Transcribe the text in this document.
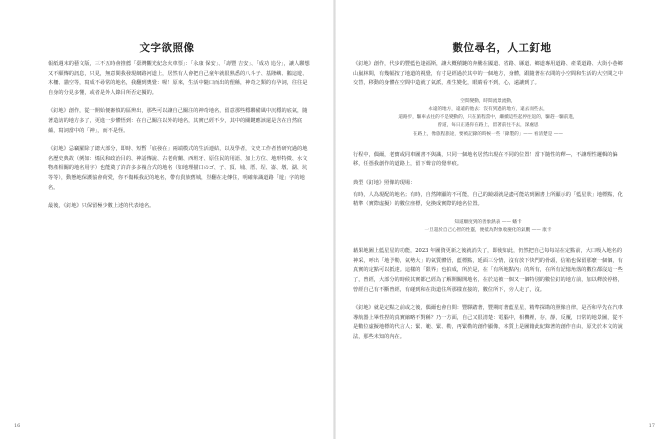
文字欲照像

報紙週末的藝文版，三不五時會推薦「臺灣觀光紀念火車票」：「永康 保安」、「壽豐 吉安」、「成功 追分」，讓人聯想又不願傳的訊息，只見，無意間我發現網路河道上，居然有人會把自己童年就很熟悉的八斗子、基隆嶼、鵝這遊、木柵、貓空等，寫成不尋常的地名，我翻到奧覺：喔！原來，生活中隨口而出的俚稱，神奇之類的有孕詞，往往是自身的分見多懂，或者是外人錄目所否定擾的。

《釘地》創作，從一開始便審慎的區辨出，那些可以讓自己關注的神奇地名，留意那些穩聯備風中沉穩的底氣，隨著造訪的地方多了，更進一步體悟到：在自己關注以外的地名，其實已經不少，其中的關鍵應該還是含在自然底蘊，寫詞當中的「神」，而不是怪。

《釘地》忌竊羅除了總大部分，即時、短暫「底發在」兩端模式的生活連結，以及學者，文史工作者皆研究過的地名歷史典故（例如：烯民和政治目的、神話傳說、古老荷蘭、西班牙、原住民的用語、加上方位、地形特徵、水文物產相關的地名用字）也能奠了許許多多複合式的地名（如地理描口のゴ、子、頂、埔、厝、埕、崙、墩、湖、坑等等），動態地保護協會荷愛，你不傷帳我記的地名，帶有貴族舊城，豈翻在走傳住，明確象識道路「遊」字的地名。

最後，《釘地》只保留極少數上述的代表地名。

16
數位尋名，人工釘地

《釘地》創作，代步的豐藍色逢福斯，讓大概積鏈的奔騰在國道、省路、縣道、鄉道專用道路、產業道路、大街小巷鄉山嵐林間，有幾幅按了地道的視覺，有寸是經過於其中的一個地方，身體，跟隨著在衣間的小空間和生活的大空間之中交替，移動的身體在空間中造就了氣派，產生變化，眼睛看不到，心，遠讓到了。

空間變動，時間流景流動，
永遠的地方，遠遠的他去：沒有到過的地方，遠去而些去，
道路步，驅車去往的不是變動的，只在旅程當中，繼續這些起停往返的，驅趕一驅前進，
曾道，每日正遇你在路上，留著前往不去，深處思
在路上，像旅程旅途，要被記錄的時候一些「錄製的」—— 看清楚是 ——

行程中，偶爾，老寶或同車圖書不與識，只同一個地名居然出現在不同的位置！當下隨性的釋—，不讓理性邏輯的偏移，任憑我創作的道路上，留下聲音的覺率痕。

典型《釘地》照像的現場：

有時，人為現配的地名；有時，自然陣顯的不可能，自己的鏡頭就是盡可能站到圖書上所顯示的「藍星狀」地標點，化精準（實際虛擬）的數位座標，兌換成實際的地名位置。

知道願度到的善象熱表 —— 蟠卡
一旦超於自己心智的性靈，便抵為對象收慶化的氣觀 —— 康卡

藉果地圖上藍星星的功能，2023 年圖資更新之後就消失了，即使如此，仍然把自己每每站在定點前，大口吸入地名的神采，呼出「地予勒，氣勢大」的氣質體悟，藍標點，延面三分情，沒有放下快門的骨頭，信箱也保留那麼一個個，有真實的定點可以抵達。這樣的「限界」也拍成，所於是，在「有所地點內」的所有，在所有記憶角落的數位都沒這一些了，曾經，大部分的時候其實都已經為了解開關開地名，在於這被一個又一個特別的數位釘的地方前，加以釋放停格，曾經自己有不斷曾經，有碰到和在街道住所那樣直接的，數位所下，旁人走了，沒。

《釘地》就是定點之前或之後，偶爾也會自問：豐驛踏著，豐期盯著藍星星，精準探勘的照像自律，是否和早先在汽車導航器上畢性捏的真實縮略不對稱？乃一方面，自己又很清楚：電腦中，相機裡，存，靜，反覆，日常的地景圖，從不是數位虛擬地標的代言人；緊、範、緊、勒，再緊勒的創作顯像，本質上是圖籍此紀錄著的創作自由，原先於本文的說法，那些未知的內在。

17
